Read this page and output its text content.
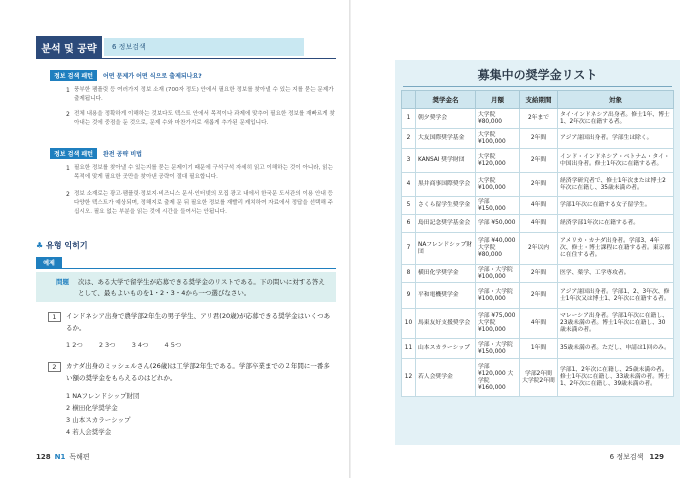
분석 및 공략	6 정보검색
정보 검색 패턴	어떤 문제가 어떤 식으로 출제되나요?
1 풍부한 팸플릿 등 여러가지 정보 소재 (700자 정도) 안에서 필요한 정보를 찾아낼 수 있는 지를 묻는 문제가 출제됩니다.
2 전체 내용을 정확하게 이해하는 것보다도 텍스트 안에서 목적이나 과제에 맞추어 필요한 정보를 재빠르게 찾아내는 것에 중점을 둔 것으로, 문제 수와 마찬가지로 새롭게 추가된 문제입니다.
정보 검색 패턴	완전 공략 비법
1 필요한 정보를 찾아낼 수 있는지를 묻는 문제이기 때문에 구석구석 자세히 읽고 이해하는 것이 아니라, 읽는 목적에 맞게 필요한 곳만을 찾아낸 공략이 절대 필요합니다.
2 정보 소재로는 광고·팸플릿·정보지·비즈니스 문서·인터넷의 모집 광고 내에서 한국문 도서관의 이용 안내 등 다양한 텍스트가 예상되며, 정해지로 출제 문 뒤 필요한 정보를 재빨리 캐치하여 자료에서 정답을 선택해 주십시오. 필요 없는 부분을 읽는 것에 시간을 들여서는 안됩니다.
♣ 유형 익히기
예제
問題 次は、ある大学で留学生が応募できる奨学金のリストである。下の問いに対する答えとして、最もよいものを1・2・3・4から一つ選びなさい。
1	インドネシア出身で農学部2年生の男子学生、アリ君(20歳)が応募できる奨学金はいくつあるか。
1 2つ 2 3つ 3 4つ 4 5つ
2	カナダ出身のミッシェルさん(26歳)は工学部2年生である。学部卒業までの２年間に一番多い額の奨学金をもらえるのはどれか。
1 NAフレンドシップ財団
2 横田化学奨学金
3 山本スカラーシップ
4 若人会奨学金
128 N1 독해편
募集中の奨学金リスト
	奨学金名	月額	支給期間	対象
1	朝夕奨学会	大学院 ¥80,000	2年まで	タイ·インドネシア出身者。修士1年、博士1、2年次に在籍する者。
2	大友国際奨学基金	大学院 ¥100,000	2年間	アジア諸国出身者。学部生は除く。
3	KANSAI 奨学財団	大学院 ¥120,000	2年間	インド・インドネシア・ベトナム・タイ・中国出身者。修士1年次に在籍する者。
4	黒井商事国際奨学会	大学院 ¥100,000	2年間	経済学研究者で、修士1年次または博士2年次に在籍し、35歳未満の者。
5	さくら留学生奨学金	学部 ¥150,000	4年間	学部1年次に在籍する女子留学生。
6	島田記念奨学基金会	学部 ¥50,000	4年間	経済学部1年次に在籍する者。
7	NAフレンドシップ財団	学部 ¥40,000 大学院 ¥80,000	2年以内	アメリカ・カナダ出身者。学部3、4年次、修士・博士課程に在籍する者。東京都に在住する者。
8	横田化学奨学金	学部・大学院 ¥100,000	2年間	医学、薬学、工学専攻者。
9	平和電機奨学金	学部・大学院 ¥100,000	2年間	アジア諸国出身者。学部1、2、3年次、修士1年次又は博士1、2年次に在籍する者。
10	馬東友好支援奨学会	学部 ¥75,000 大学院 ¥100,000	4年間	マレーシア出身者。学部1年次に在籍し、23歳未満の者。博士1年次に在籍し、30歳未満の者。
11	山本スカラーシップ	学部・大学院 ¥150,000	1年間	35歳未満の者。ただし、申請は1回のみ。
12	若人会奨学金	学部 ¥120,000 大学院 ¥160,000	学部2年間 大学院2年間	学部1、2年次に在籍し、25歳未満の者。修士1年次に在籍し、33歳未満の者。博士1、2年次に在籍し、39歳未満の者。
6 정보검색 129
